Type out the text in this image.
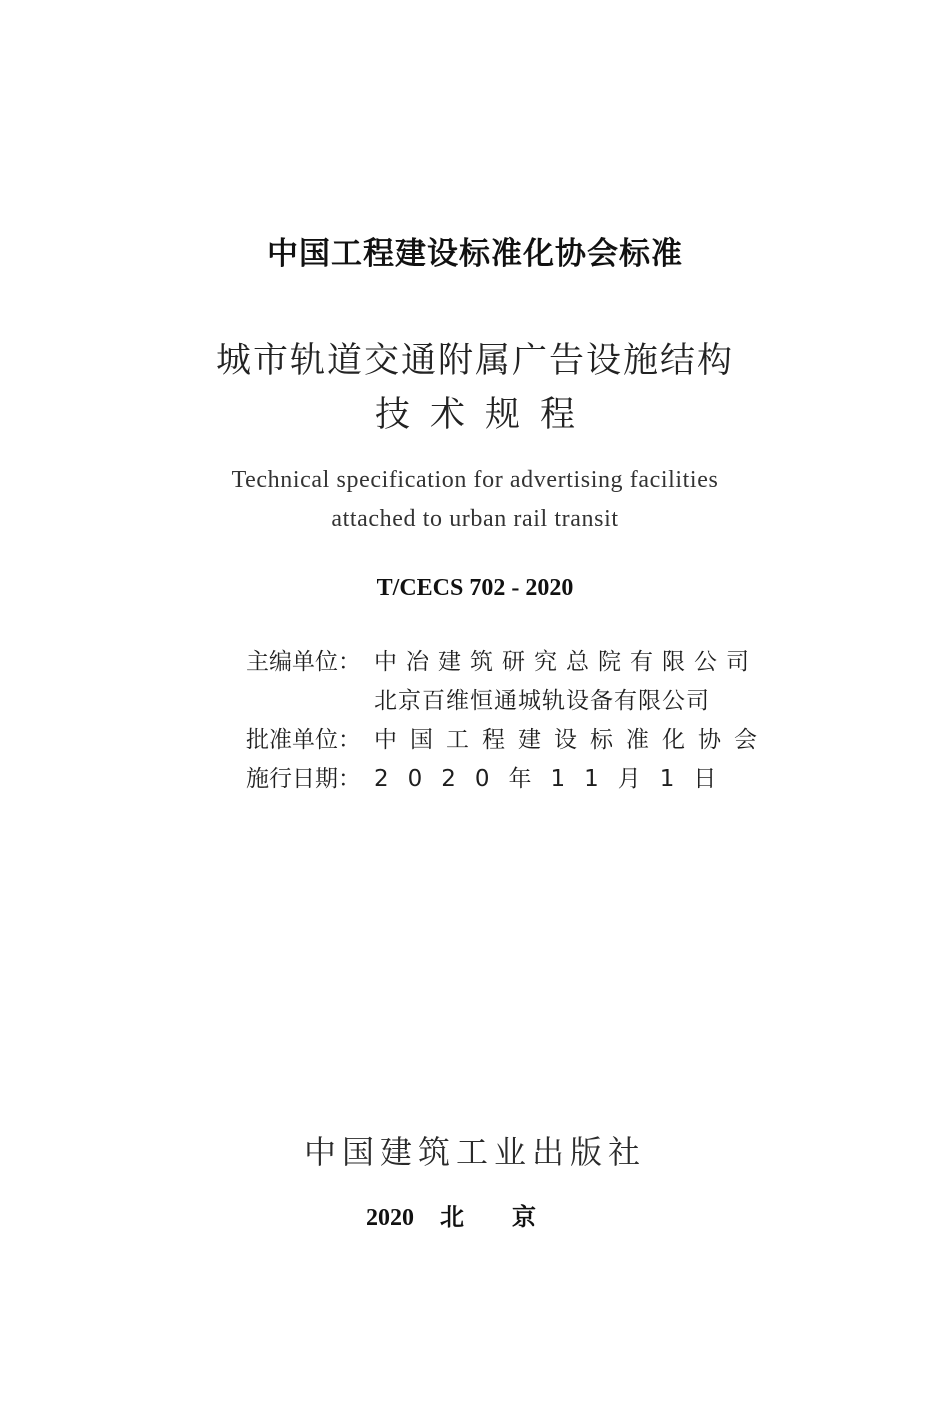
中国工程建设标准化协会标准
城市轨道交通附属广告设施结构
技术规程
Technical specification for advertising facilities
attached to urban rail transit
T/CECS 702 - 2020
主编单位： 中冶建筑研究总院有限公司
北京百维恒通城轨设备有限公司
批准单位： 中国工程建设标准化协会
施行日期： 2020年11月1日
中国建筑工业出版社
2020 北京
